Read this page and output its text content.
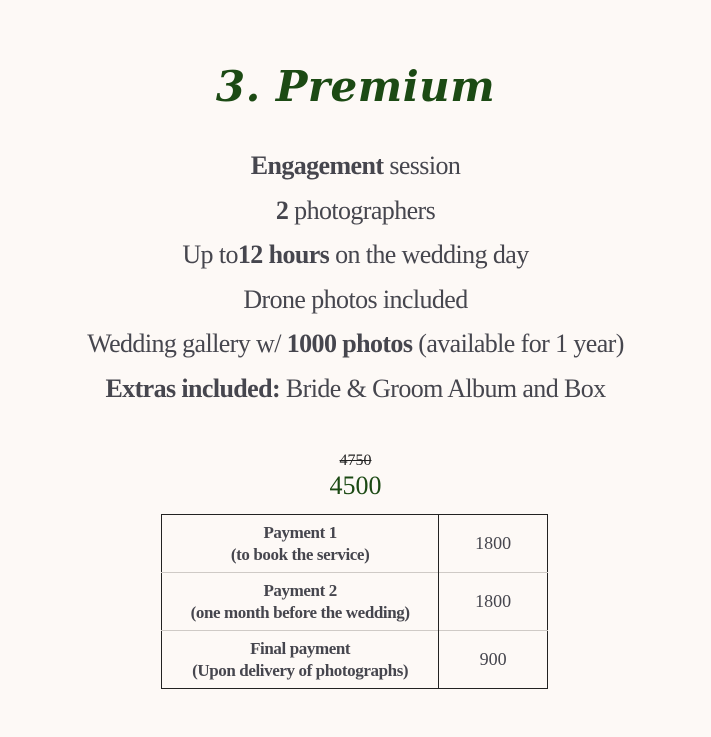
3. Premium
Engagement session
2 photographers
Up to12 hours on the wedding day
Drone photos included
Wedding gallery w/ 1000 photos (available for 1 year)
Extras included: Bride & Groom Album and Box
4750
4500
Payment 1
(to book the service)	1800

Payment 2
(one month before the wedding)	1800

Final payment
(Upon delivery of photographs)	900
